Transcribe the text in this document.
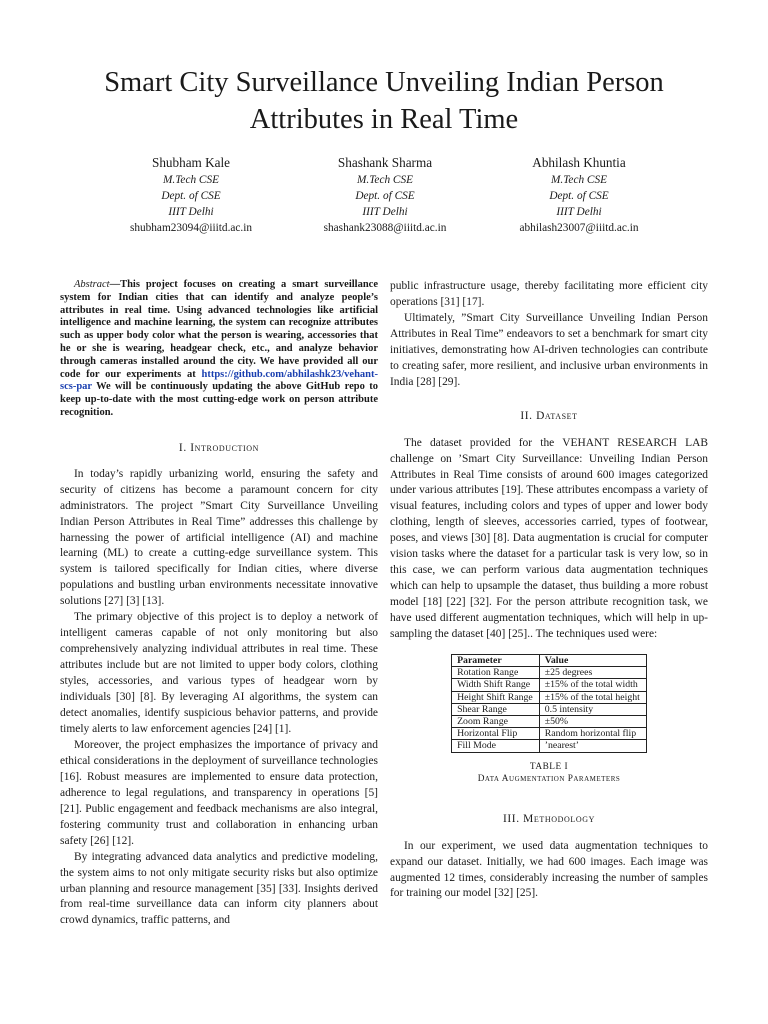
Smart City Surveillance Unveiling Indian Person Attributes in Real Time
Shubham Kale
M.Tech CSE
Dept. of CSE
IIIT Delhi
shubham23094@iiitd.ac.in
Shashank Sharma
M.Tech CSE
Dept. of CSE
IIIT Delhi
shashank23088@iiitd.ac.in
Abhilash Khuntia
M.Tech CSE
Dept. of CSE
IIIT Delhi
abhilash23007@iiitd.ac.in

Abstract—This project focuses on creating a smart surveillance system for Indian cities that can identify and analyze people’s attributes in real time. Using advanced technologies like artificial intelligence and machine learning, the system can recognize attributes such as upper body color what the person is wearing, accessories that he or she is wearing, headgear check, etc., and analyze behavior through cameras installed around the city. We have provided all our code for our experiments at https://github.com/abhilashk23/vehant-scs-par We will be continuously updating the above GitHub repo to keep up-to-date with the most cutting-edge work on person attribute recognition.

I. Introduction

In today’s rapidly urbanizing world, ensuring the safety and security of citizens has become a paramount concern for city administrators. The project ”Smart City Surveillance Unveiling Indian Person Attributes in Real Time” addresses this challenge by harnessing the power of artificial intelligence (AI) and machine learning (ML) to create a cutting-edge surveillance system. This system is tailored specifically for Indian cities, where diverse populations and bustling urban environments necessitate innovative solutions [27] [3] [13].

The primary objective of this project is to deploy a network of intelligent cameras capable of not only monitoring but also comprehensively analyzing individual attributes in real time. These attributes include but are not limited to upper body colors, clothing styles, accessories, and various types of headgear worn by individuals [30] [8]. By leveraging AI algorithms, the system can detect anomalies, identify suspicious behavior patterns, and provide timely alerts to law enforcement agencies [24] [1].

Moreover, the project emphasizes the importance of privacy and ethical considerations in the deployment of surveillance technologies [16]. Robust measures are implemented to ensure data protection, adherence to legal regulations, and transparency in operations [5] [21]. Public engagement and feedback mechanisms are also integral, fostering community trust and collaboration in enhancing urban safety [26] [12].

By integrating advanced data analytics and predictive modeling, the system aims to not only mitigate security risks but also optimize urban planning and resource management [35] [33]. Insights derived from real-time surveillance data can inform city planners about crowd dynamics, traffic patterns, and

public infrastructure usage, thereby facilitating more efficient city operations [31] [17].

Ultimately, ”Smart City Surveillance Unveiling Indian Person Attributes in Real Time” endeavors to set a benchmark for smart city initiatives, demonstrating how AI-driven technologies can contribute to creating safer, more resilient, and inclusive urban environments in India [28] [29].

II. Dataset

The dataset provided for the VEHANT RESEARCH LAB challenge on ’Smart City Surveillance: Unveiling Indian Person Attributes in Real Time consists of around 600 images categorized under various attributes [19]. These attributes encompass a variety of visual features, including colors and types of upper and lower body clothing, length of sleeves, accessories carried, types of footwear, poses, and views [30] [8]. Data augmentation is crucial for computer vision tasks where the dataset for a particular task is very low, so in this case, we can perform various data augmentation techniques which can help to upsample the dataset, thus building a more robust model [18] [22] [32]. For the person attribute recognition task, we have used different augmentation techniques, which will help in up-sampling the dataset [40] [25].. The techniques used were:

Parameter	Value
Rotation Range	±25 degrees
Width Shift Range	±15% of the total width
Height Shift Range	±15% of the total height
Shear Range	0.5 intensity
Zoom Range	±50%
Horizontal Flip	Random horizontal flip
Fill Mode	’nearest’
TABLE I
Data Augmentation Parameters
III. Methodology

In our experiment, we used data augmentation techniques to expand our dataset. Initially, we had 600 images. Each image was augmented 12 times, considerably increasing the number of samples for training our model [32] [25].
